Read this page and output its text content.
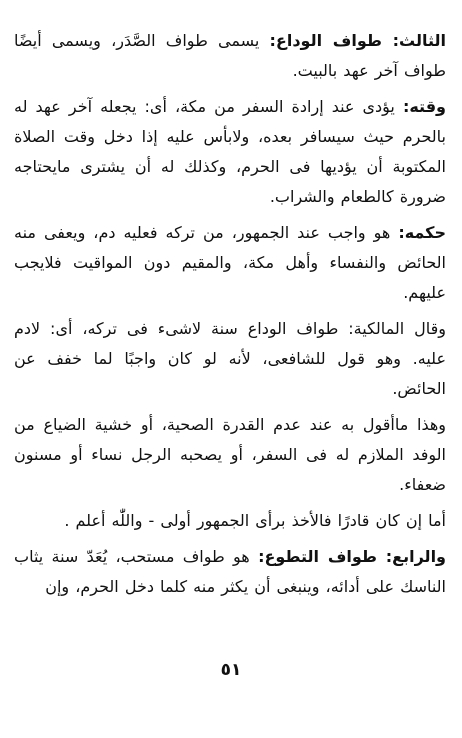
الثالث: طواف الوداع: يسمى طواف الصَّدَر، ويسمى أيضًا طواف آخر عهد بالبيت.

وقته: يؤدى عند إرادة السفر من مكة، أى: يجعله آخر عهد له بالحرم حيث سيسافر بعده، ولابأس عليه إذا دخل وقت الصلاة المكتوبة أن يؤديها فى الحرم، وكذلك له أن يشترى مايحتاجه ضرورة كالطعام والشراب.

حكمه: هو واجب عند الجمهور، من تركه فعليه دم، ويعفى منه الحائض والنفساء وأهل مكة، والمقيم دون المواقيت فلايجب عليهم.

وقال المالكية: طواف الوداع سنة لاشىء فى تركه، أى: لادم عليه. وهو قول للشافعى، لأنه لو كان واجبًا لما خفف عن الحائض.

وهذا ماأقول به عند عدم القدرة الصحية، أو خشية الضياع من الوفد الملازم له فى السفر، أو يصحبه الرجل نساء أو مسنون ضعفاء.

أما إن كان قادرًا فالأخذ برأى الجمهور أولى - واللّٰه أعلم .

والرابع: طواف التطوع: هو طواف مستحب، يُعَدّ سنة يثاب الناسك على أدائه، وينبغى أن يكثر منه كلما دخل الحرم، وإن

٥١
